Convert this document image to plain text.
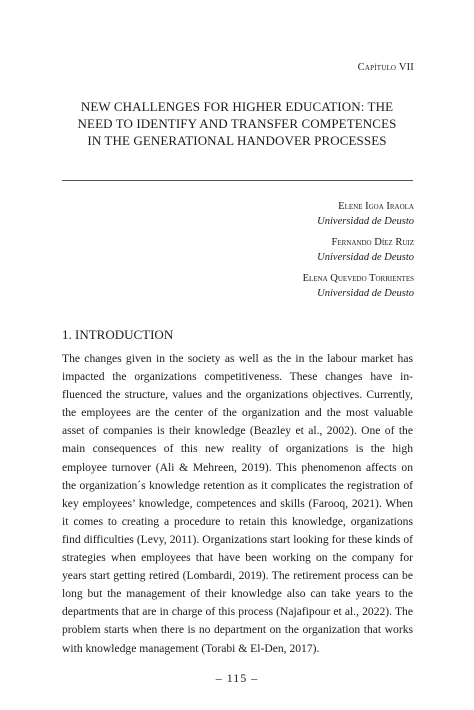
Capítulo VII
NEW CHALLENGES FOR HIGHER EDUCATION: THE
NEED TO IDENTIFY AND TRANSFER COMPETENCES
IN THE GENERATIONAL HANDOVER PROCESSES
Elene Igoa Iraola
Universidad de Deusto
Fernando Díez Ruiz
Universidad de Deusto
Elena Quevedo Torrientes
Universidad de Deusto
1. INTRODUCTION

The changes given in the society as well as the in the labour market has impacted the organizations competitiveness. These changes have influenced the structure, values and the organizations objectives. Currently, the employees are the center of the organization and the most valuable asset of companies is their knowledge (Beazley et al., 2002). One of the main consequences of this new reality of organizations is the high employee turnover (Ali & Mehreen, 2019). This phenomenon affects on the organization´s knowledge retention as it complicates the registration of key employees’ knowledge, competences and skills (Farooq, 2021). When it comes to creating a procedure to retain this knowledge, organizations find difficulties (Levy, 2011). Organizations start looking for these kinds of strategies when employees that have been working on the company for years start getting retired (Lombardi, 2019). The retirement process can be long but the management of their knowledge also can take years to the departments that are in charge of this process (Najafipour et al., 2022). The problem starts when there is no department on the organization that works with knowledge management (Torabi & El-Den, 2017).

– 115 –
